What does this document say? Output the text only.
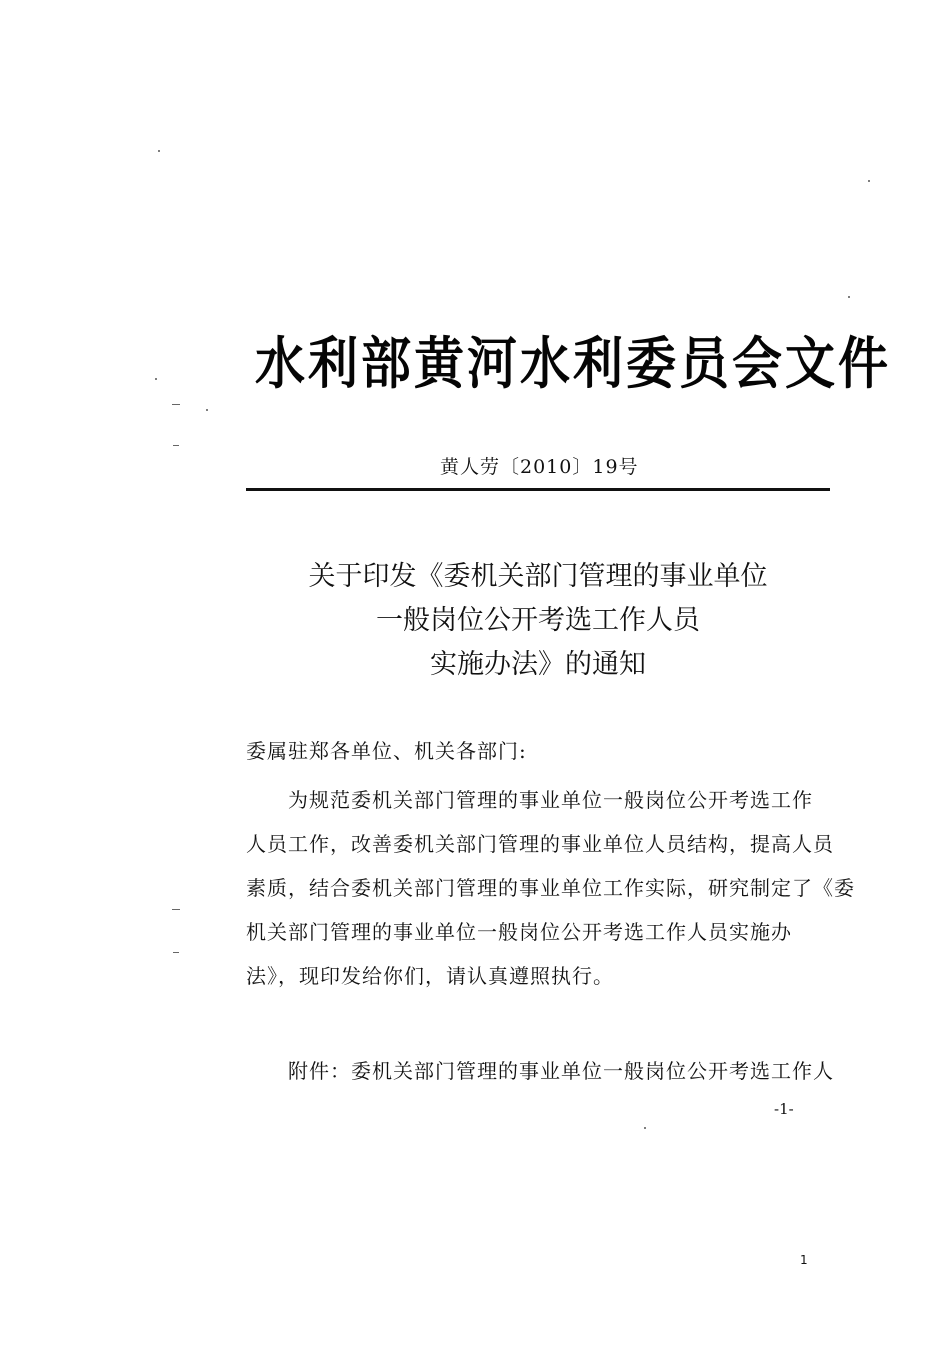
水利部黄河水利委员会文件
黄人劳〔2010〕19号
关于印发《委机关部门管理的事业单位
一般岗位公开考选工作人员
实施办法》的通知
委属驻郑各单位、机关各部门:
为规范委机关部门管理的事业单位一般岗位公开考选工作
人员工作，改善委机关部门管理的事业单位人员结构，提高人员
素质，结合委机关部门管理的事业单位工作实际，研究制定了《委
机关部门管理的事业单位一般岗位公开考选工作人员实施办
法》，现印发给你们，请认真遵照执行。
附件：委机关部门管理的事业单位一般岗位公开考选工作人
-1-
1
